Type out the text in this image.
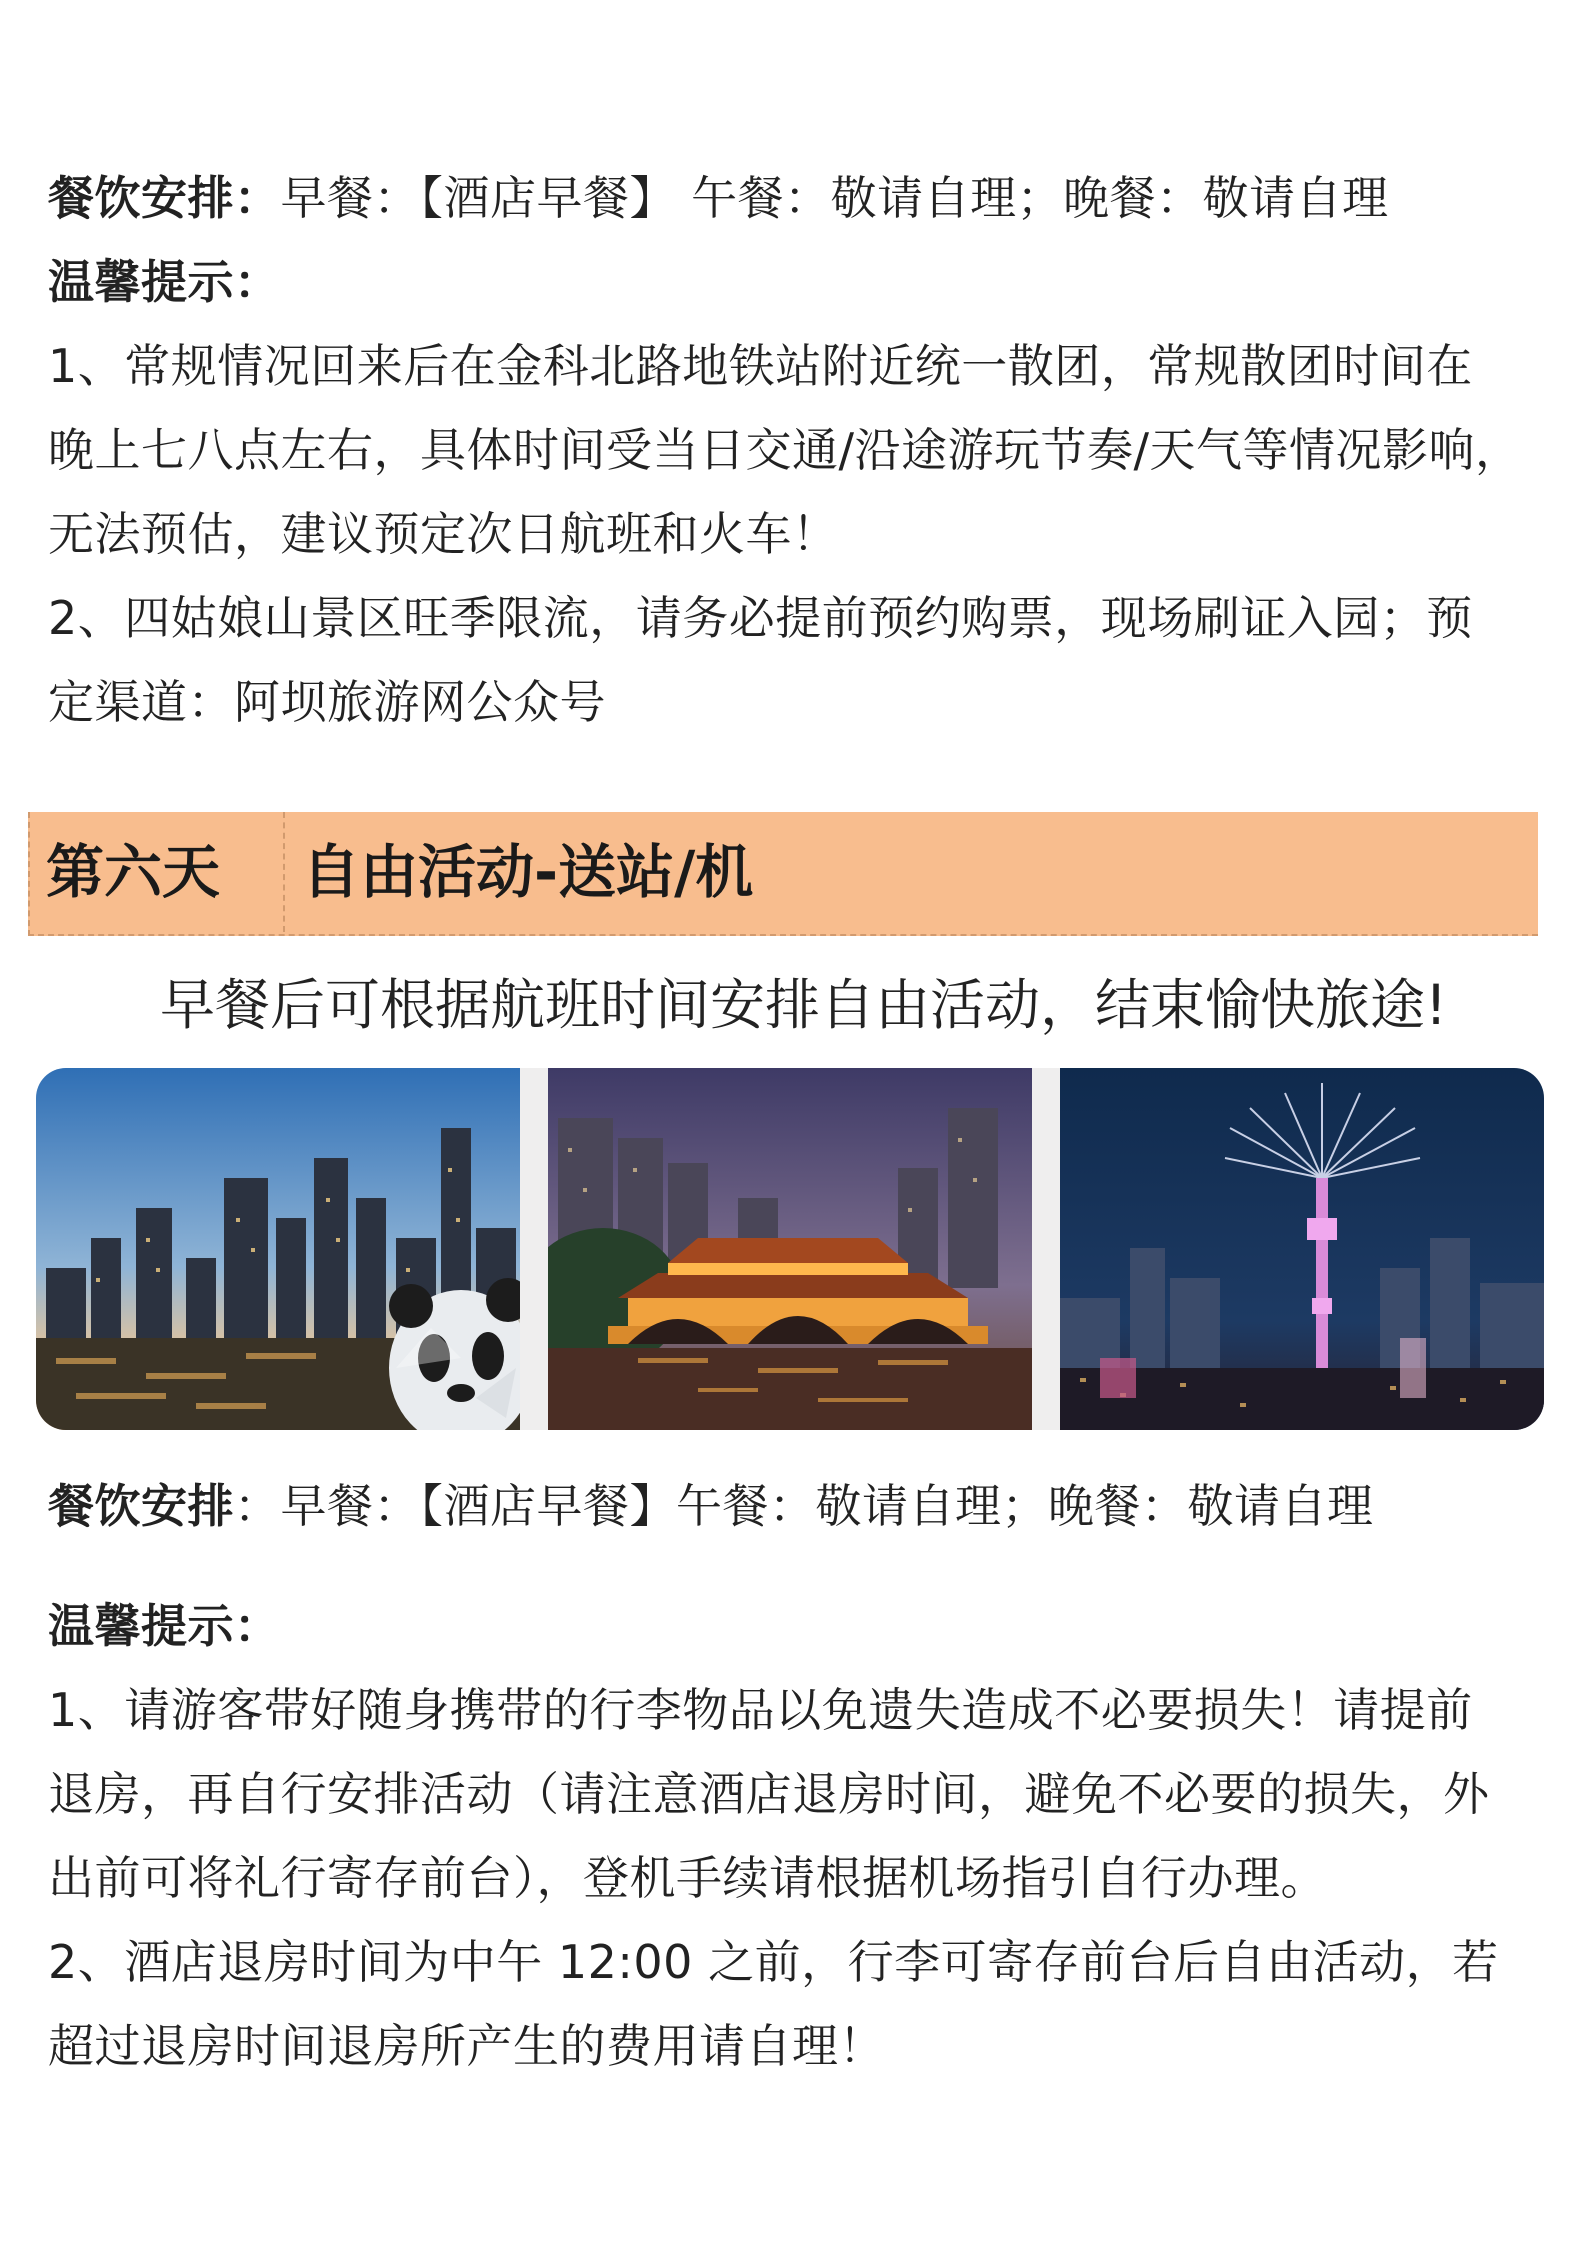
餐饮安排：早餐：【酒店早餐】 午餐：敬请自理；晚餐：敬请自理
温馨提示：
1、常规情况回来后在金科北路地铁站附近统一散团，常规散团时间在
晚上七八点左右，具体时间受当日交通/沿途游玩节奏/天气等情况影响，
无法预估，建议预定次日航班和火车！
2、四姑娘山景区旺季限流，请务必提前预约购票，现场刷证入园；预
定渠道：阿坝旅游网公众号
第六天	自由活动-送站/机
早餐后可根据航班时间安排自由活动，结束愉快旅途!
餐饮安排：早餐：【酒店早餐】午餐：敬请自理；晚餐：敬请自理
温馨提示：
1、请游客带好随身携带的行李物品以免遗失造成不必要损失！请提前
退房，再自行安排活动（请注意酒店退房时间，避免不必要的损失，外
出前可将礼行寄存前台），登机手续请根据机场指引自行办理。
2、酒店退房时间为中午 12:00 之前，行李可寄存前台后自由活动，若
超过退房时间退房所产生的费用请自理！
